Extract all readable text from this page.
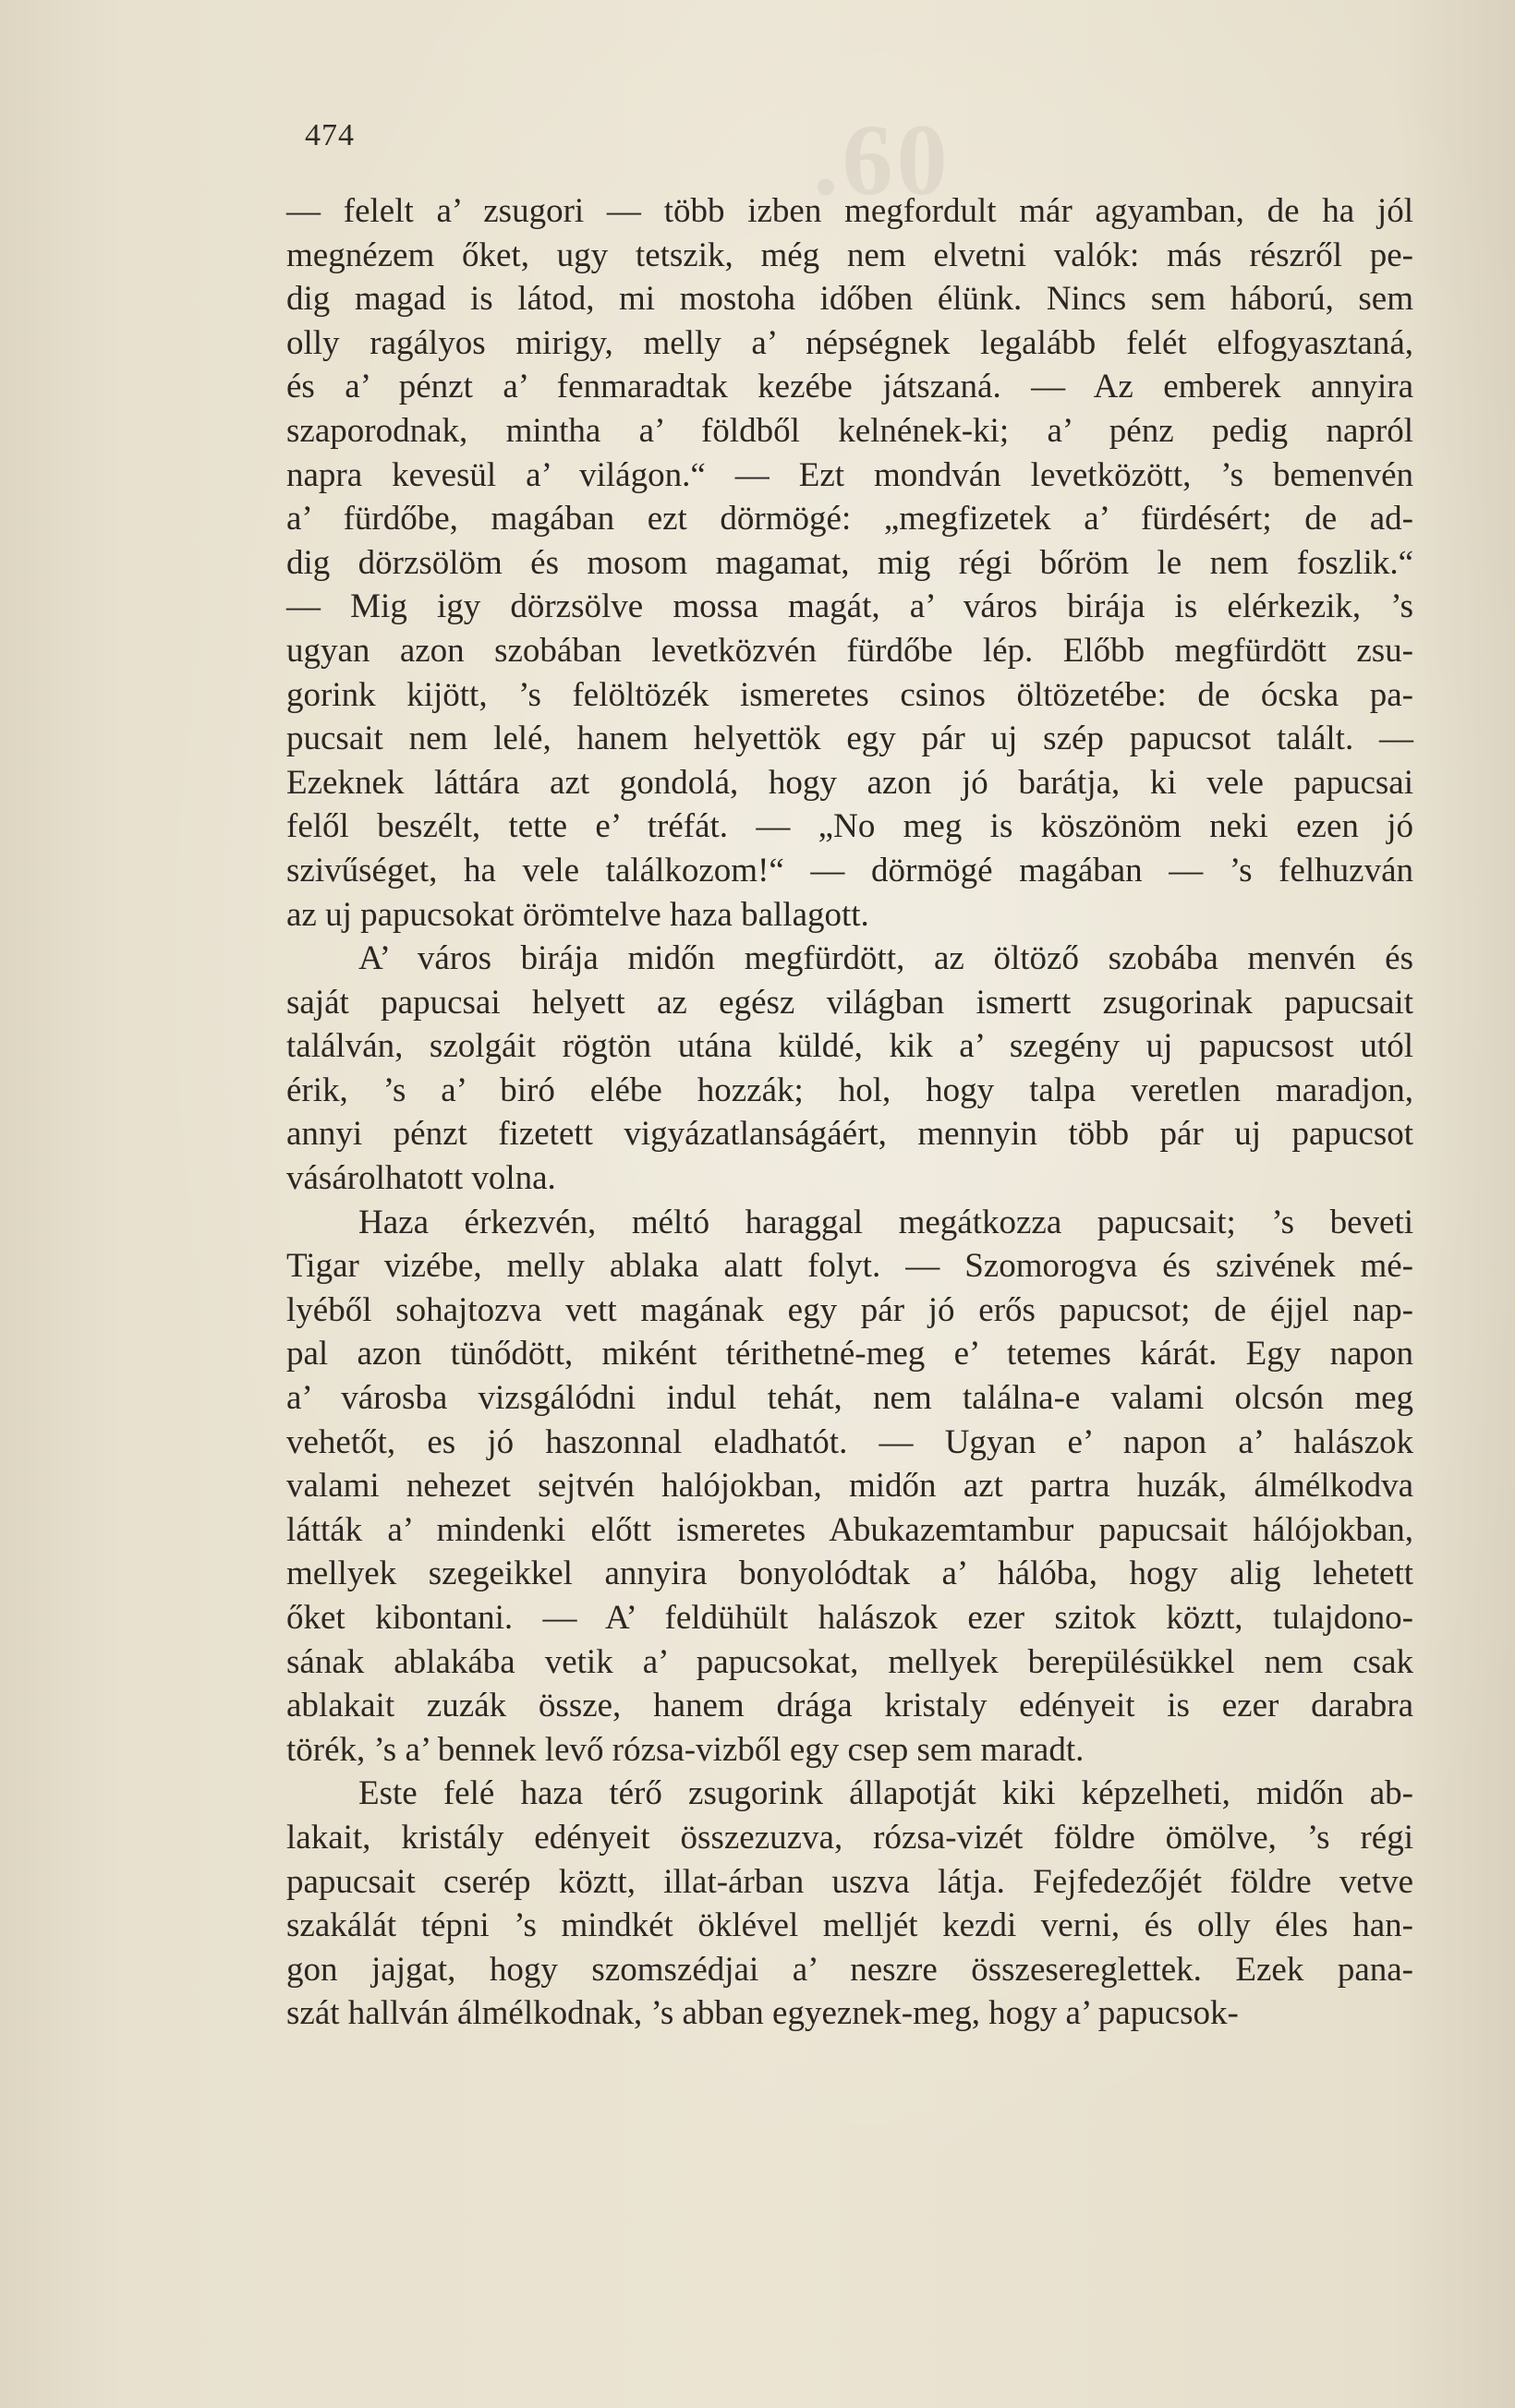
.60
474
— felelt a’ zsugori — több izben megfordult már agyamban, de ha jól
megnézem őket, ugy tetszik, még nem elvetni valók: más részről pe-
dig magad is látod, mi mostoha időben élünk. Nincs sem háború, sem
olly ragályos mirigy, melly a’ népségnek legalább felét elfogyasztaná,
és a’ pénzt a’ fenmaradtak kezébe játszaná. — Az emberek annyira
szaporodnak, mintha a’ földből kelnének-ki; a’ pénz pedig napról
napra kevesül a’ világon.“ — Ezt mondván levetközött, ’s bemenvén
a’ fürdőbe, magában ezt dörmögé: „megfizetek a’ fürdésért; de ad-
dig dörzsölöm és mosom magamat, mig régi bőröm le nem foszlik.“
— Mig igy dörzsölve mossa magát, a’ város birája is elérkezik, ’s
ugyan azon szobában levetközvén fürdőbe lép. Előbb megfürdött zsu-
gorink kijött, ’s felöltözék ismeretes csinos öltözetébe: de ócska pa-
pucsait nem lelé, hanem helyettök egy pár uj szép papucsot talált. —
Ezeknek láttára azt gondolá, hogy azon jó barátja, ki vele papucsai
felől beszélt, tette e’ tréfát. — „No meg is köszönöm neki ezen jó
szivűséget, ha vele találkozom!“ — dörmögé magában — ’s felhuzván
az uj papucsokat örömtelve haza ballagott.
A’ város birája midőn megfürdött, az öltöző szobába menvén és
saját papucsai helyett az egész világban ismertt zsugorinak papucsait
találván, szolgáit rögtön utána küldé, kik a’ szegény uj papucsost utól
érik, ’s a’ biró elébe hozzák; hol, hogy talpa veretlen maradjon,
annyi pénzt fizetett vigyázatlanságáért, mennyin több pár uj papucsot
vásárolhatott volna.
Haza érkezvén, méltó haraggal megátkozza papucsait; ’s beveti
Tigar vizébe, melly ablaka alatt folyt. — Szomorogva és szivének mé-
lyéből sohajtozva vett magának egy pár jó erős papucsot; de éjjel nap-
pal azon tünődött, miként térithetné-meg e’ tetemes kárát. Egy napon
a’ városba vizsgálódni indul tehát, nem találna-e valami olcsón meg
vehetőt, es jó haszonnal eladhatót. — Ugyan e’ napon a’ halászok
valami nehezet sejtvén halójokban, midőn azt partra huzák, álmélkodva
látták a’ mindenki előtt ismeretes Abukazemtambur papucsait hálójokban,
mellyek szegeikkel annyira bonyolódtak a’ hálóba, hogy alig lehetett
őket kibontani. — A’ feldühült halászok ezer szitok köztt, tulajdono-
sának ablakába vetik a’ papucsokat, mellyek berepülésükkel nem csak
ablakait zuzák össze, hanem drága kristaly edényeit is ezer darabra
törék, ’s a’ bennek levő rózsa-vizből egy csep sem maradt.
Este felé haza térő zsugorink állapotját kiki képzelheti, midőn ab-
lakait, kristály edényeit összezuzva, rózsa-vizét földre ömölve, ’s régi
papucsait cserép köztt, illat-árban uszva látja. Fejfedezőjét földre vetve
szakálát tépni ’s mindkét öklével melljét kezdi verni, és olly éles han-
gon jajgat, hogy szomszédjai a’ neszre összesereglettek. Ezek pana-
szát hallván álmélkodnak, ’s abban egyeznek-meg, hogy a’ papucsok-
